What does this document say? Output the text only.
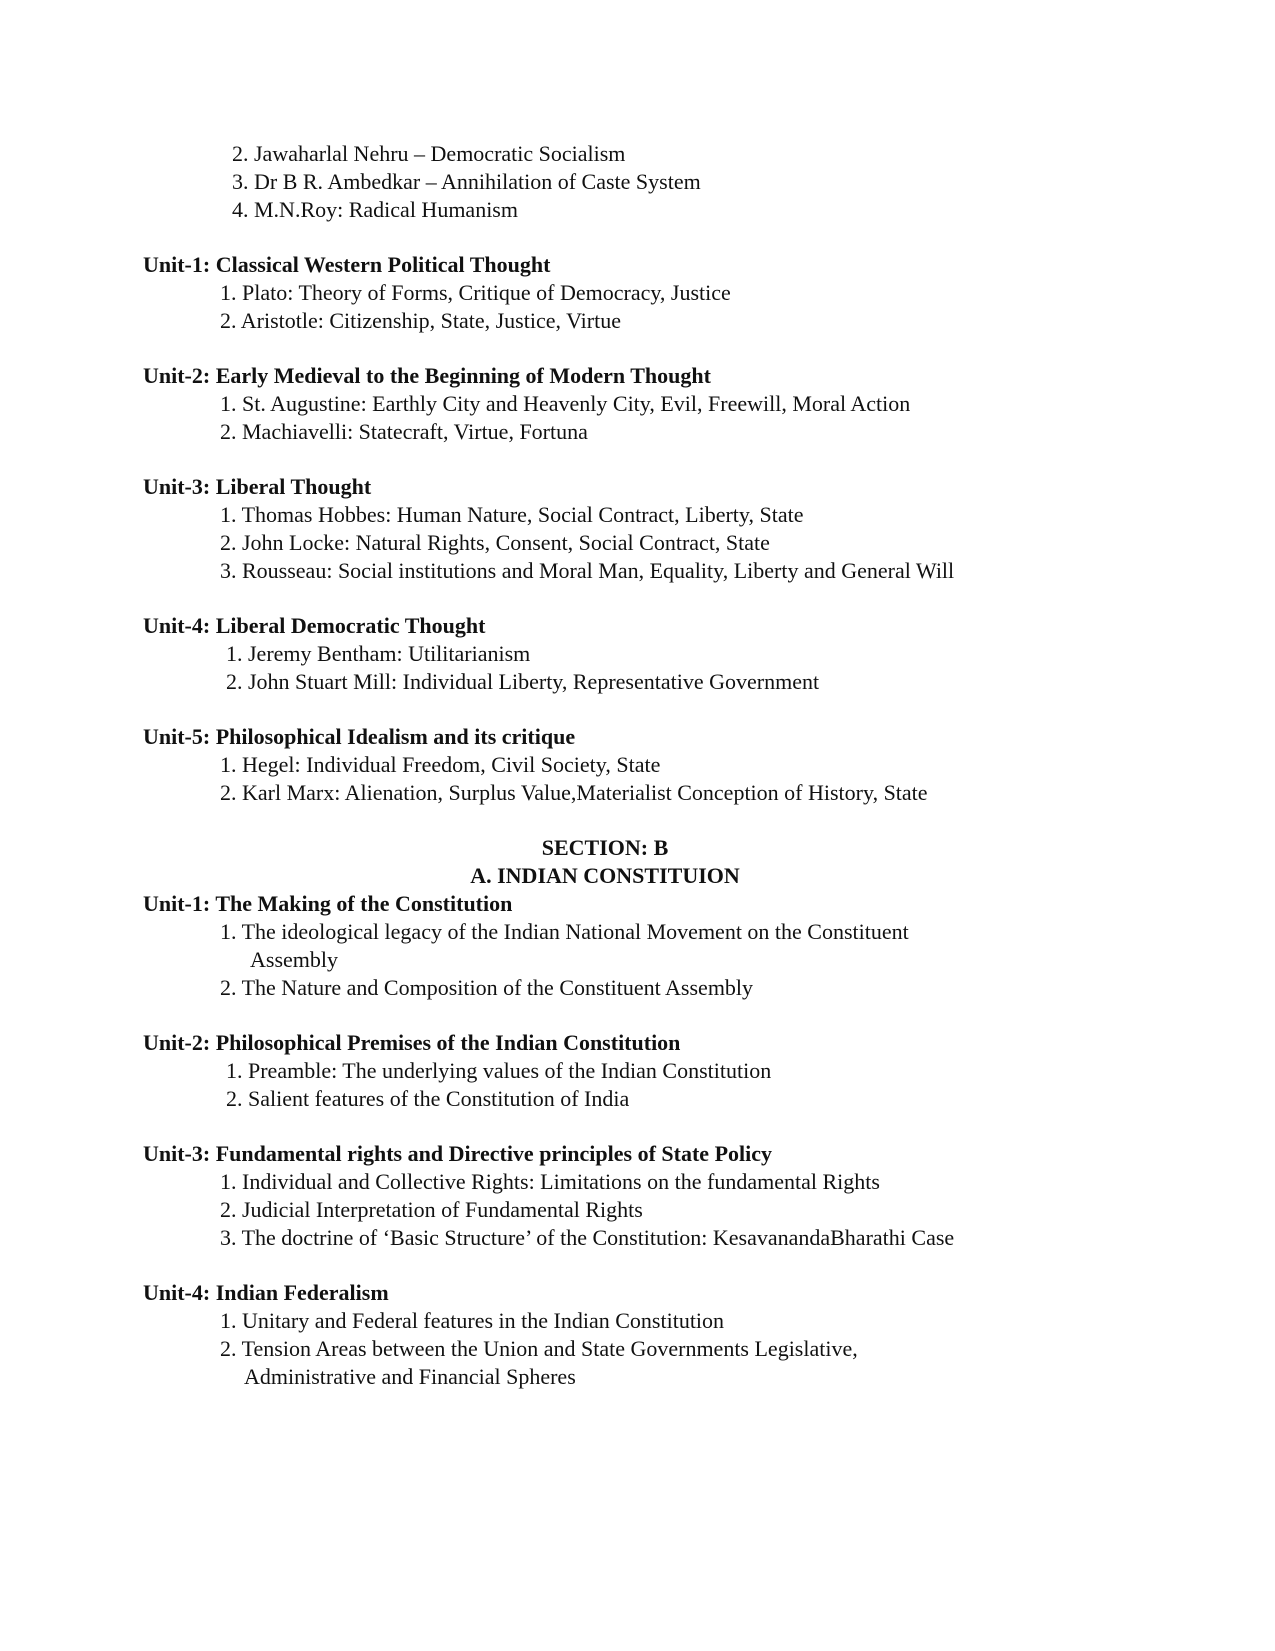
2. Jawaharlal Nehru – Democratic Socialism
3. Dr B R. Ambedkar – Annihilation of Caste System
4. M.N.Roy: Radical Humanism
Unit-1: Classical Western Political Thought
1. Plato: Theory of Forms, Critique of Democracy, Justice
2. Aristotle: Citizenship, State, Justice, Virtue
Unit-2: Early Medieval to the Beginning of Modern Thought
1. St. Augustine: Earthly City and Heavenly City, Evil, Freewill, Moral Action
2. Machiavelli: Statecraft, Virtue, Fortuna
Unit-3: Liberal Thought
1. Thomas Hobbes: Human Nature, Social Contract, Liberty, State
2. John Locke: Natural Rights, Consent, Social Contract, State
3. Rousseau: Social institutions and Moral Man, Equality, Liberty and General Will
Unit-4: Liberal Democratic Thought
1. Jeremy Bentham: Utilitarianism
2. John Stuart Mill: Individual Liberty, Representative Government
Unit-5: Philosophical Idealism and its critique
1. Hegel: Individual Freedom, Civil Society, State
2. Karl Marx: Alienation, Surplus Value,Materialist Conception of History, State
SECTION: B
A. INDIAN CONSTITUION
Unit-1: The Making of the Constitution
1. The ideological legacy of the Indian National Movement on the Constituent
Assembly
2. The Nature and Composition of the Constituent Assembly
Unit-2: Philosophical Premises of the Indian Constitution
1. Preamble: The underlying values of the Indian Constitution
2. Salient features of the Constitution of India
Unit-3: Fundamental rights and Directive principles of State Policy
1. Individual and Collective Rights: Limitations on the fundamental Rights
2. Judicial Interpretation of Fundamental Rights
3. The doctrine of ‘Basic Structure’ of the Constitution: KesavanandaBharathi Case
Unit-4: Indian Federalism
1. Unitary and Federal features in the Indian Constitution
2. Tension Areas between the Union and State Governments Legislative,
Administrative and Financial Spheres
